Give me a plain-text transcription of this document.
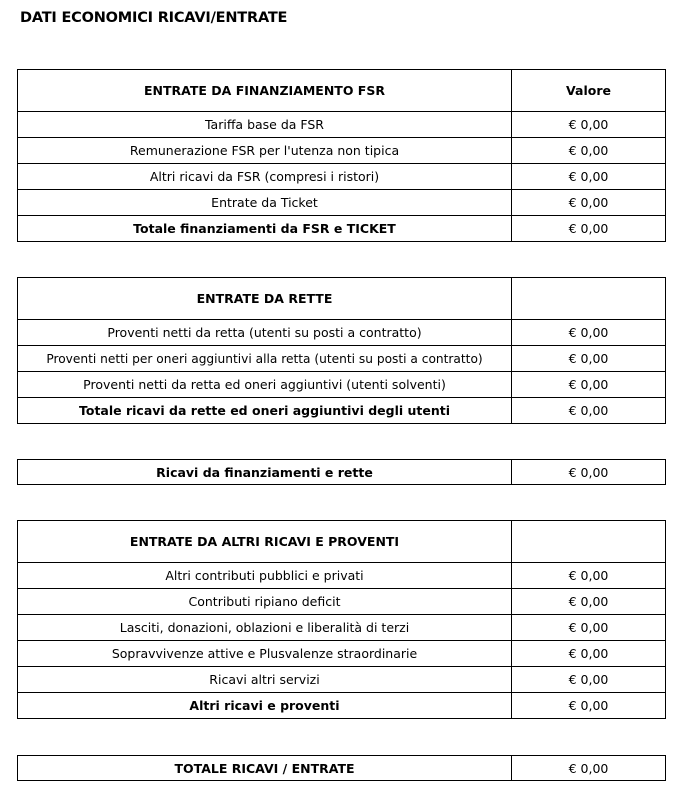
DATI ECONOMICI RICAVI/ENTRATE
ENTRATE DA FINANZIAMENTO FSR	Valore
Tariffa base da FSR	€ 0,00
Remunerazione FSR per l'utenza non tipica	€ 0,00
Altri ricavi da FSR (compresi i ristori)	€ 0,00
Entrate da Ticket	€ 0,00
Totale finanziamenti da FSR e TICKET	€ 0,00
ENTRATE DA RETTE	
Proventi netti da retta (utenti su posti a contratto)	€ 0,00
Proventi netti per oneri aggiuntivi alla retta (utenti su posti a contratto)	€ 0,00
Proventi netti da retta ed oneri aggiuntivi (utenti solventi)	€ 0,00
Totale ricavi da rette ed oneri aggiuntivi degli utenti	€ 0,00
Ricavi da finanziamenti e rette	€ 0,00
ENTRATE DA ALTRI RICAVI E PROVENTI	
Altri contributi pubblici e privati	€ 0,00
Contributi ripiano deficit	€ 0,00
Lasciti, donazioni, oblazioni e liberalità di terzi	€ 0,00
Sopravvivenze attive e Plusvalenze straordinarie	€ 0,00
Ricavi altri servizi	€ 0,00
Altri ricavi e proventi	€ 0,00
TOTALE RICAVI / ENTRATE	€ 0,00
